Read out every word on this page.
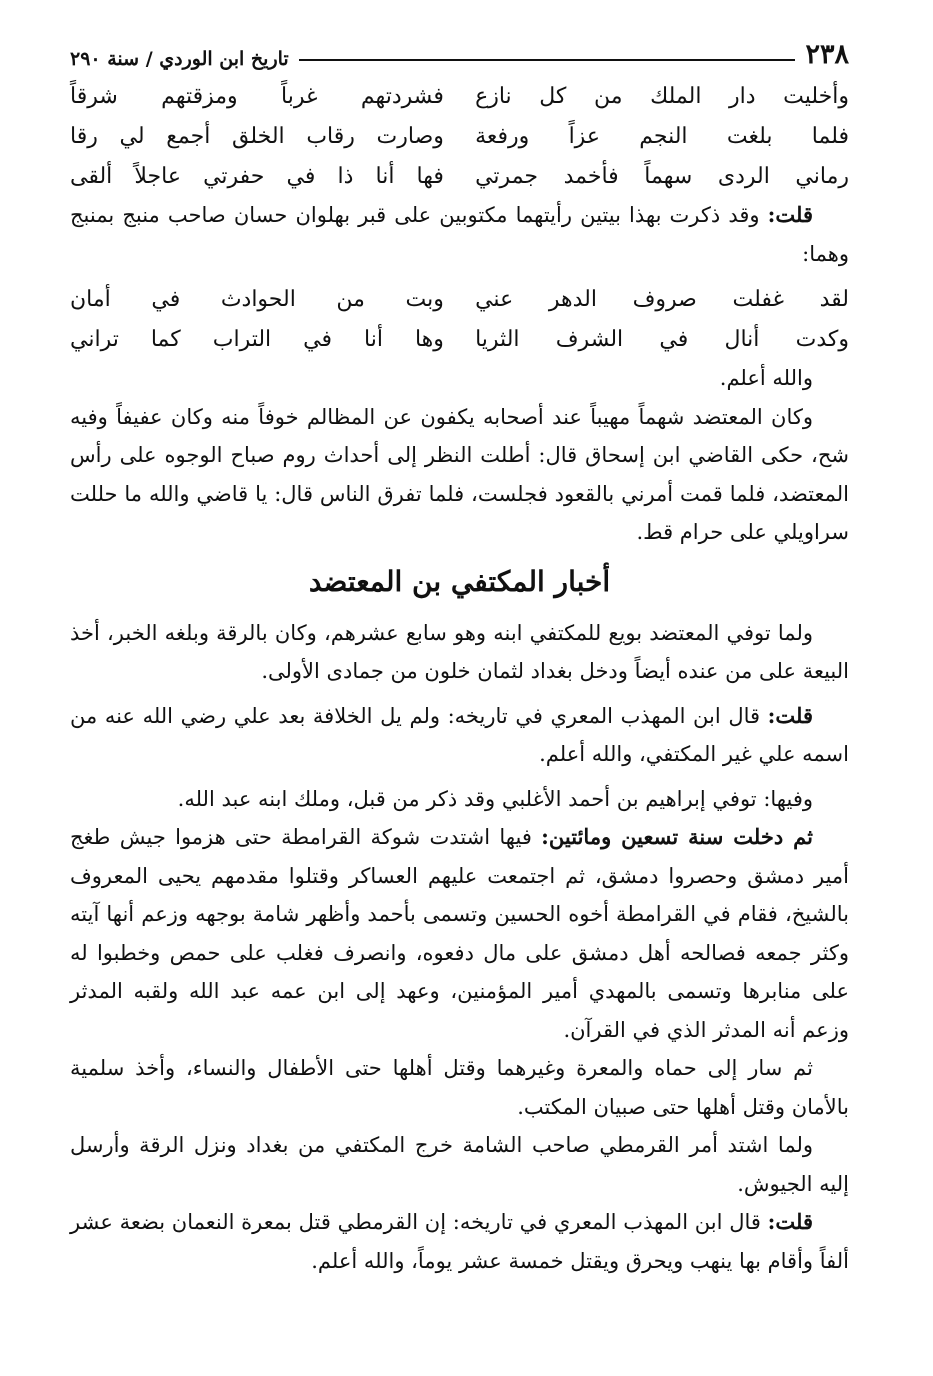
٢٣٨
تاريخ ابن الوردي / سنة ٢٩٠
وأخليت دار الملك من كل نازع
فشردتهم غرباً ومزقتهم شرقاً
فلما بلغت النجم عزاً ورفعة
وصارت رقاب الخلق أجمع لي رقا
رماني الردى سهماً فأخمد جمرتي
فها أنا ذا في حفرتي عاجلاً ألقى

قلت: وقد ذكرت بهذا بيتين رأيتهما مكتوبين على قبر بهلوان حسان صاحب منبج بمنبج وهما:

لقد غفلت صروف الدهر عني
وبت من الحوادث في أمان
وكدت أنال في الشرف الثريا
وها أنا في التراب كما تراني

والله أعلم.

وكان المعتضد شهماً مهيباً عند أصحابه يكفون عن المظالم خوفاً منه وكان عفيفاً وفيه شح، حكى القاضي ابن إسحاق قال: أطلت النظر إلى أحداث روم صباح الوجوه على رأس المعتضد، فلما قمت أمرني بالقعود فجلست، فلما تفرق الناس قال: يا قاضي والله ما حللت سراويلي على حرام قط.

أخبار المكتفي بن المعتضد

ولما توفي المعتضد بويع للمكتفي ابنه وهو سابع عشرهم، وكان بالرقة وبلغه الخبر، أخذ البيعة على من عنده أيضاً ودخل بغداد لثمان خلون من جمادى الأولى.

قلت: قال ابن المهذب المعري في تاريخه: ولم يل الخلافة بعد علي رضي الله عنه من اسمه علي غير المكتفي، والله أعلم.

وفيها: توفي إبراهيم بن أحمد الأغلبي وقد ذكر من قبل، وملك ابنه عبد الله.

ثم دخلت سنة تسعين ومائتين: فيها اشتدت شوكة القرامطة حتى هزموا جيش طغج أمير دمشق وحصروا دمشق، ثم اجتمعت عليهم العساكر وقتلوا مقدمهم يحيى المعروف بالشيخ، فقام في القرامطة أخوه الحسين وتسمى بأحمد وأظهر شامة بوجهه وزعم أنها آيته وكثر جمعه فصالحه أهل دمشق على مال دفعوه، وانصرف فغلب على حمص وخطبوا له على منابرها وتسمى بالمهدي أمير المؤمنين، وعهد إلى ابن عمه عبد الله ولقبه المدثر وزعم أنه المدثر الذي في القرآن.

ثم سار إلى حماه والمعرة وغيرهما وقتل أهلها حتى الأطفال والنساء، وأخذ سلمية بالأمان وقتل أهلها حتى صبيان المكتب.

ولما اشتد أمر القرمطي صاحب الشامة خرج المكتفي من بغداد ونزل الرقة وأرسل إليه الجيوش.

قلت: قال ابن المهذب المعري في تاريخه: إن القرمطي قتل بمعرة النعمان بضعة عشر ألفاً وأقام بها ينهب ويحرق ويقتل خمسة عشر يوماً، والله أعلم.
